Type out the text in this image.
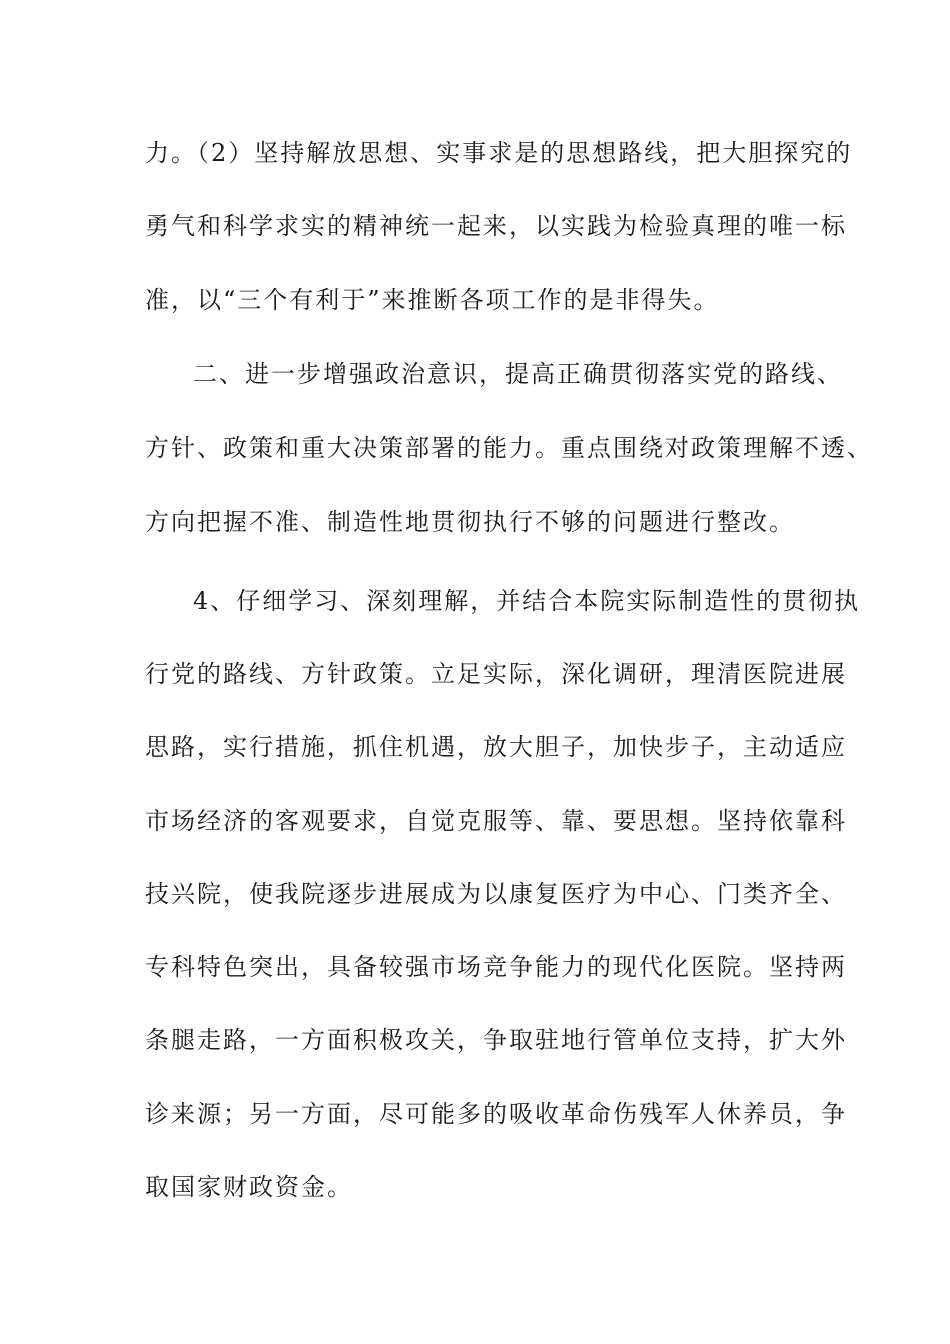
力。（2）坚持解放思想、实事求是的思想路线，把大胆探究的
勇气和科学求实的精神统一起来，以实践为检验真理的唯一标
准，以“三个有利于”来推断各项工作的是非得失。
二、进一步增强政治意识，提高正确贯彻落实党的路线、
方针、政策和重大决策部署的能力。重点围绕对政策理解不透、
方向把握不准、制造性地贯彻执行不够的问题进行整改。
4、仔细学习、深刻理解，并结合本院实际制造性的贯彻执
行党的路线、方针政策。立足实际，深化调研，理清医院进展
思路，实行措施，抓住机遇，放大胆子，加快步子，主动适应
市场经济的客观要求，自觉克服等、靠、要思想。坚持依靠科
技兴院，使我院逐步进展成为以康复医疗为中心、门类齐全、
专科特色突出，具备较强市场竞争能力的现代化医院。坚持两
条腿走路，一方面积极攻关，争取驻地行管单位支持，扩大外
诊来源；另一方面，尽可能多的吸收革命伤残军人休养员，争
取国家财政资金。
